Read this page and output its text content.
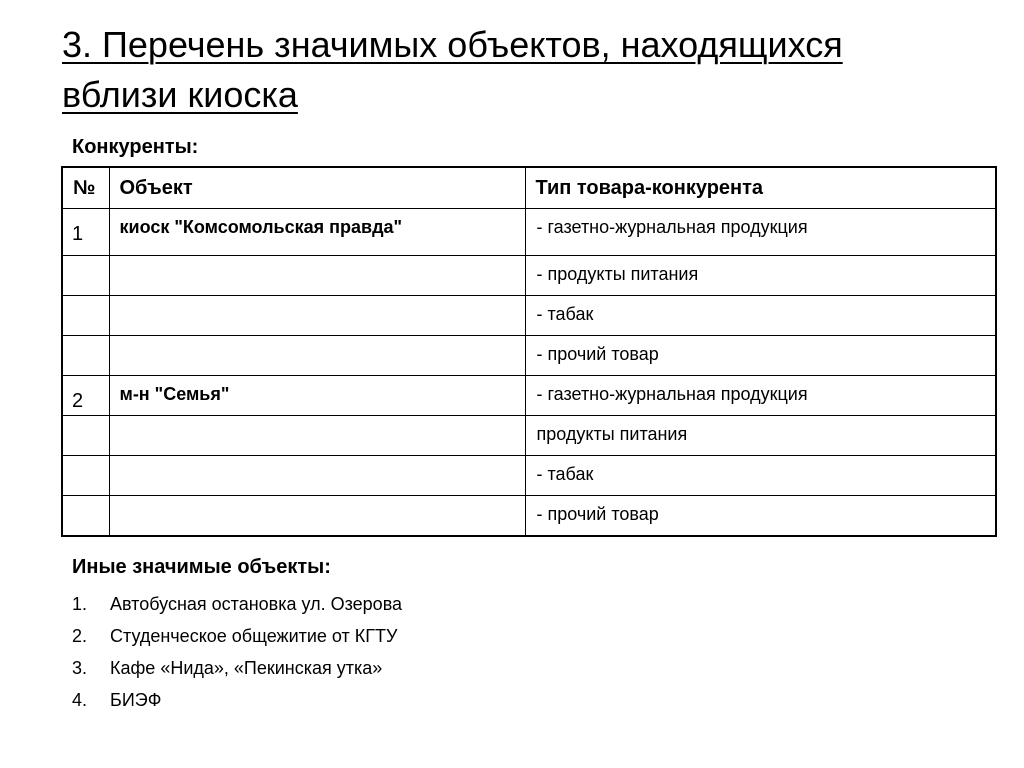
3. Перечень значимых объектов, находящихся вблизи киоска
Конкуренты:
№	Объект	Тип товара-конкурента
1	киоск "Комсомольская правда"	- газетно-журнальная продукция
		- продукты питания
		- табак
		- прочий товар
2	м-н "Семья"	- газетно-журнальная продукция
		продукты питания
		- табак
		- прочий товар
Иные значимые объекты:
1.	Автобусная остановка ул. Озерова
2.	Студенческое общежитие от КГТУ
3.	Кафе «Нида», «Пекинская утка»
4.	БИЭФ
